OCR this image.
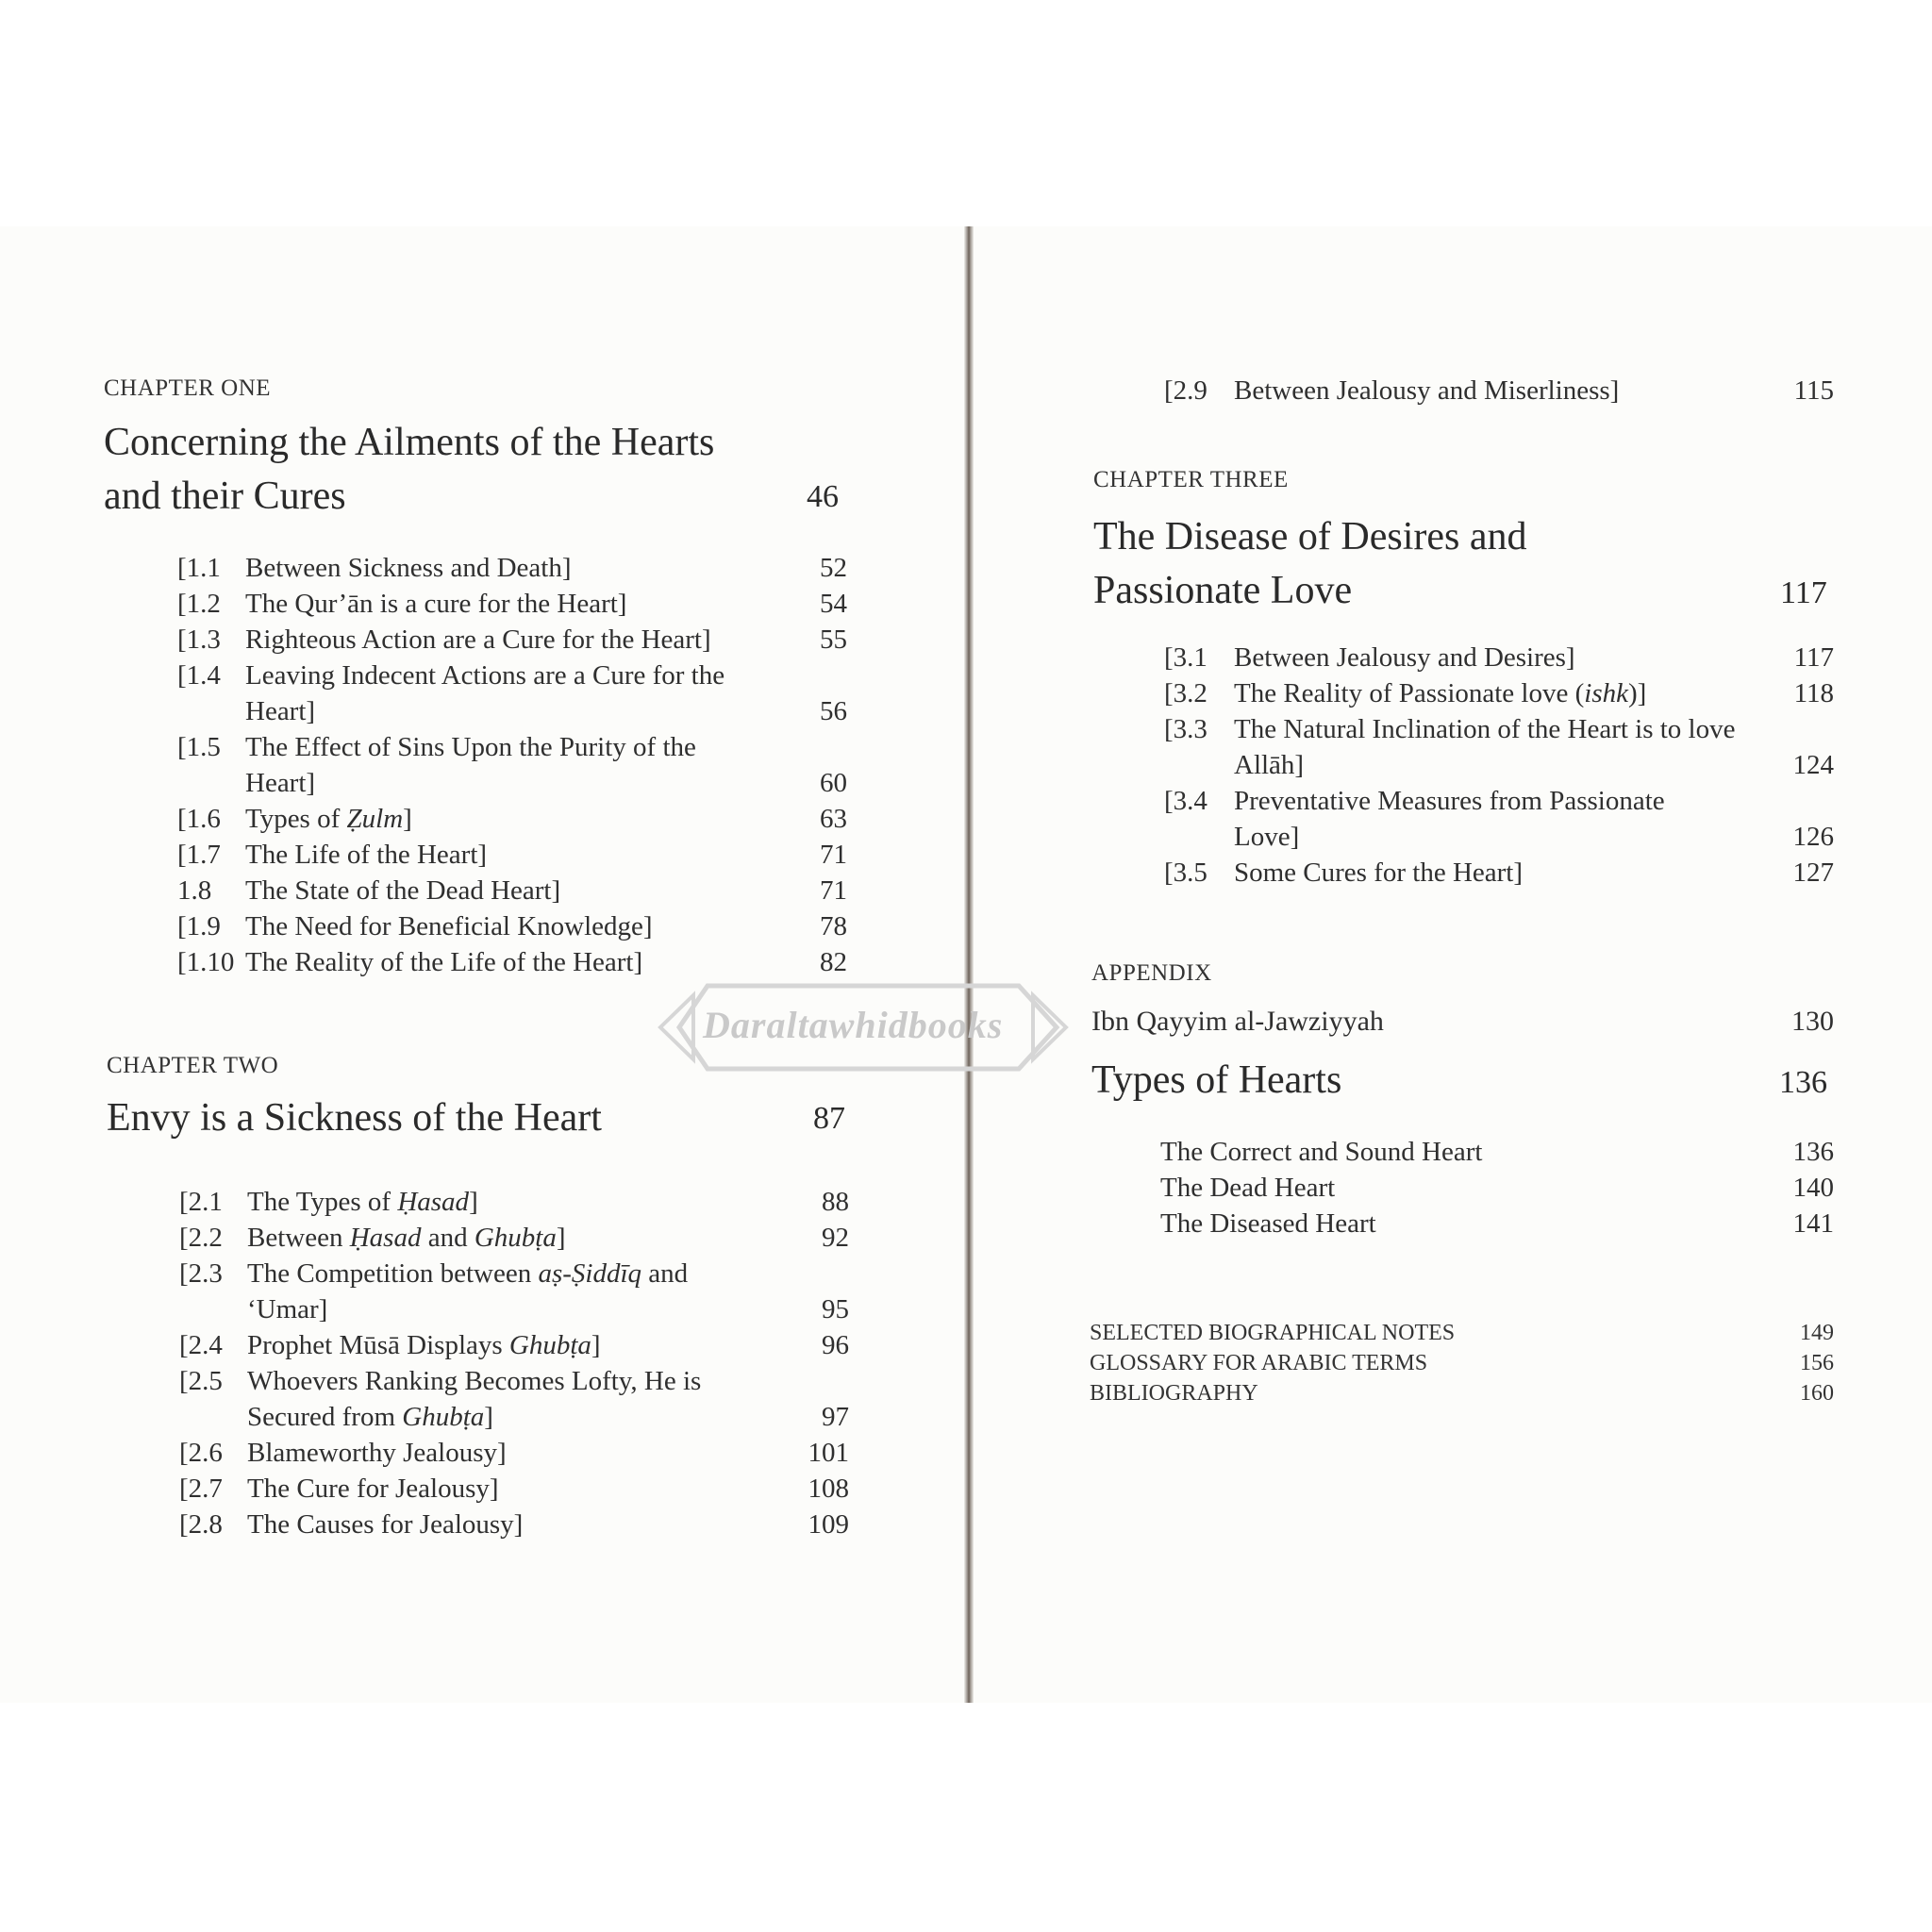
CHAPTER ONE
Concerning the Ailments of the Hearts
and their Cures	46
[1.1 Between Sickness and Death]	52
[1.2 The Qur’ān is a cure for the Heart]	54
[1.3 Righteous Action are a Cure for the Heart]	55
[1.4 Leaving Indecent Actions are a Cure for the
Heart]	56
[1.5 The Effect of Sins Upon the Purity of the
Heart]	60
[1.6 Types of Ẓulm]	63
[1.7 The Life of the Heart]	71
1.8 The State of the Dead Heart]	71
[1.9 The Need for Beneficial Knowledge]	78
[1.10 The Reality of the Life of the Heart]	82
CHAPTER TWO
Envy is a Sickness of the Heart	87
[2.1 The Types of Ḥasad]	88
[2.2 Between Ḥasad and Ghubṭa]	92
[2.3 The Competition between aṣ-Ṣiddīq and
‘Umar]	95
[2.4 Prophet Mūsā Displays Ghubṭa]	96
[2.5 Whoevers Ranking Becomes Lofty, He is
Secured from Ghubṭa]	97
[2.6 Blameworthy Jealousy]	101
[2.7 The Cure for Jealousy]	108
[2.8 The Causes for Jealousy]	109
[2.9 Between Jealousy and Miserliness]	115
CHAPTER THREE
The Disease of Desires and
Passionate Love	117
[3.1 Between Jealousy and Desires]	117
[3.2 The Reality of Passionate love (ishk)]	118
[3.3 The Natural Inclination of the Heart is to love
Allāh]	124
[3.4 Preventative Measures from Passionate
Love]	126
[3.5 Some Cures for the Heart]	127
APPENDIX
Ibn Qayyim al-Jawziyyah	130
Types of Hearts	136
The Correct and Sound Heart	136
The Dead Heart	140
The Diseased Heart	141
SELECTED BIOGRAPHICAL NOTES	149
GLOSSARY FOR ARABIC TERMS	156
BIBLIOGRAPHY	160
Daraltawhidbooks
